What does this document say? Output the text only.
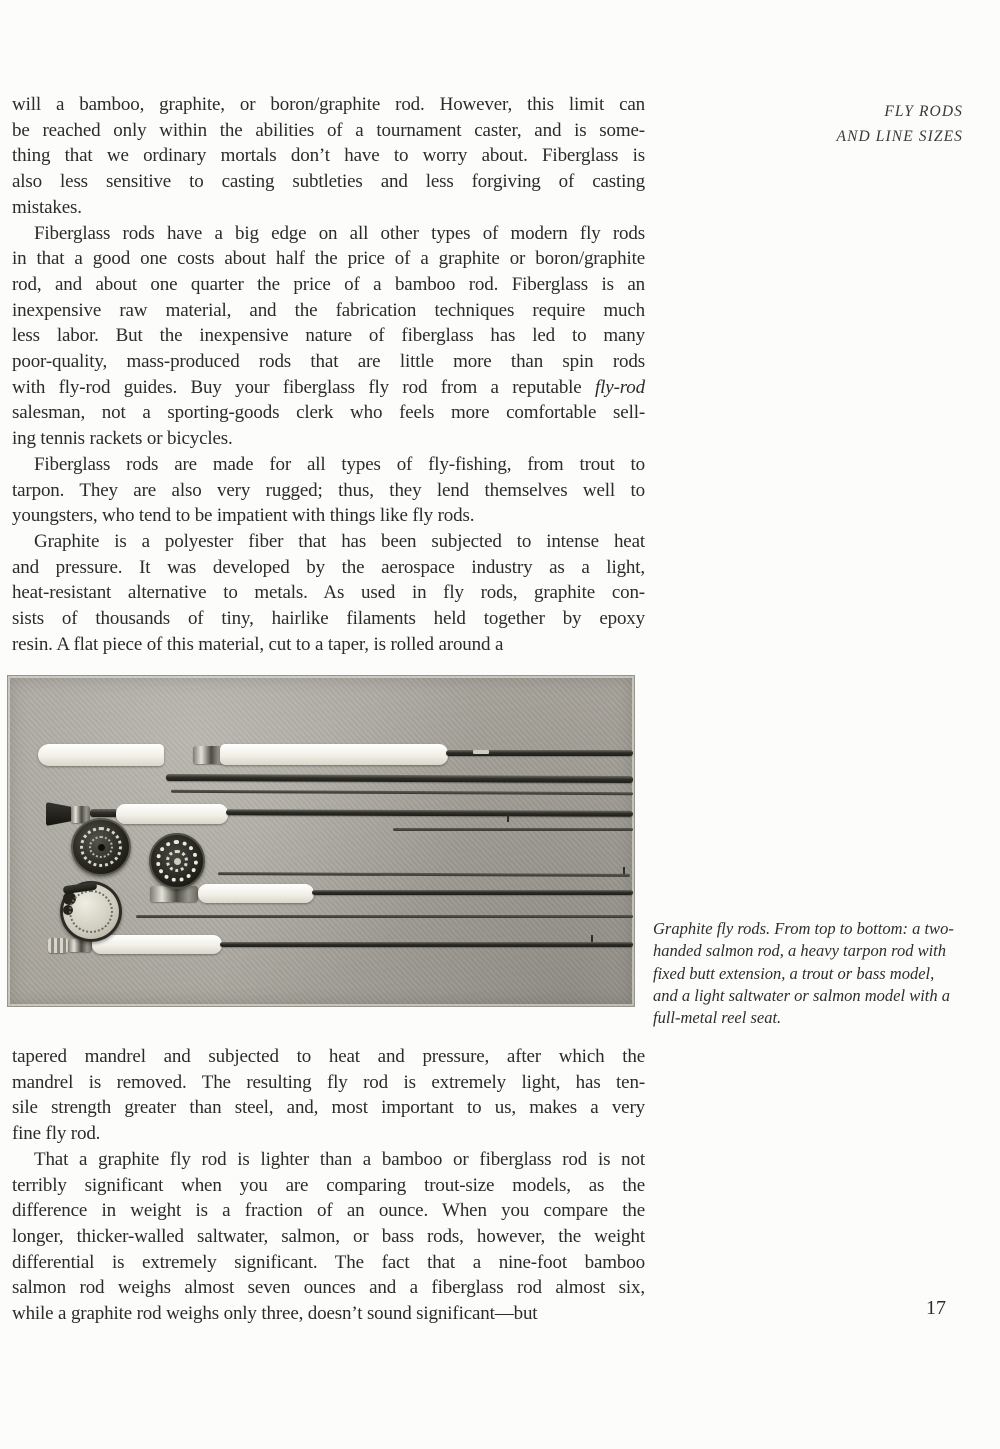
FLY RODS
AND LINE SIZES
will a bamboo, graphite, or boron/graphite rod. However, this limit can
be reached only within the abilities of a tournament caster, and is some-
thing that we ordinary mortals don’t have to worry about. Fiberglass is
also less sensitive to casting subtleties and less forgiving of casting
mistakes.
Fiberglass rods have a big edge on all other types of modern fly rods
in that a good one costs about half the price of a graphite or boron/graphite
rod, and about one quarter the price of a bamboo rod. Fiberglass is an
inexpensive raw material, and the fabrication techniques require much
less labor. But the inexpensive nature of fiberglass has led to many
poor-quality, mass-produced rods that are little more than spin rods
with fly-rod guides. Buy your fiberglass fly rod from a reputable fly-rod
salesman, not a sporting-goods clerk who feels more comfortable sell-
ing tennis rackets or bicycles.
Fiberglass rods are made for all types of fly-fishing, from trout to
tarpon. They are also very rugged; thus, they lend themselves well to
youngsters, who tend to be impatient with things like fly rods.
Graphite is a polyester fiber that has been subjected to intense heat
and pressure. It was developed by the aerospace industry as a light,
heat-resistant alternative to metals. As used in fly rods, graphite con-
sists of thousands of tiny, hairlike filaments held together by epoxy
resin. A flat piece of this material, cut to a taper, is rolled around a
Graphite fly rods. From top to bottom: a two-
handed salmon rod, a heavy tarpon rod with
fixed butt extension, a trout or bass model,
and a light saltwater or salmon model with a
full-metal reel seat.
tapered mandrel and subjected to heat and pressure, after which the
mandrel is removed. The resulting fly rod is extremely light, has ten-
sile strength greater than steel, and, most important to us, makes a very
fine fly rod.
That a graphite fly rod is lighter than a bamboo or fiberglass rod is not
terribly significant when you are comparing trout-size models, as the
difference in weight is a fraction of an ounce. When you compare the
longer, thicker-walled saltwater, salmon, or bass rods, however, the weight
differential is extremely significant. The fact that a nine-foot bamboo
salmon rod weighs almost seven ounces and a fiberglass rod almost six,
while a graphite rod weighs only three, doesn’t sound significant—but	17
